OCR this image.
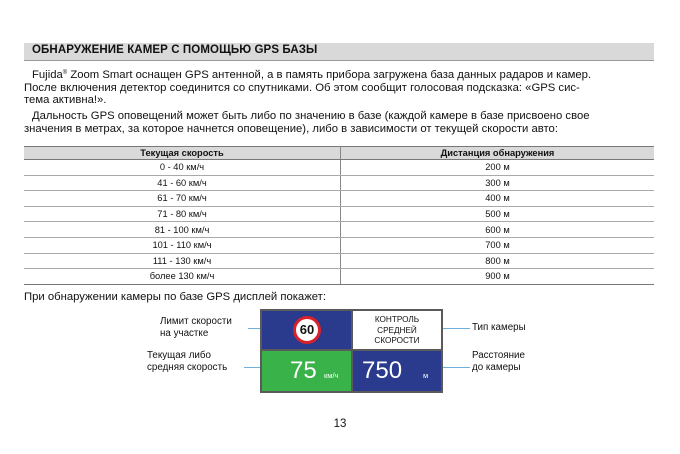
ОБНАРУЖЕНИЕ КАМЕР С ПОМОЩЬЮ GPS БАЗЫ
Fujida® Zoom Smart оснащен GPS антенной, а в память прибора загружена база данных радаров и камер.
После включения детектор соединится со спутниками. Об этом сообщит голосовая подсказка: «GPS сис-
тема активна!».
Дальность GPS оповещений может быть либо по значению в базе (каждой камере в базе присвоено свое
значения в метрах, за которое начнется оповещение), либо в зависимости от текущей скорости авто:
Текущая скорость	Дистанция обнаружения
0 - 40 км/ч	200 м
41 - 60 км/ч	300 м
61 - 70 км/ч	400 м
71 - 80 км/ч	500 м
81 - 100 км/ч	600 м
101 - 110 км/ч	700 м
111 - 130 км/ч	800 м
более 130 км/ч	900 м
При обнаружении камеры по базе GPS дисплей покажет:
Лимит скорости
на участке
Текущая либо
средняя скорость
Тип камеры
Расстояние
до камеры
60
КОНТРОЛЬ
СРЕДНЕЙ
СКОРОСТИ
75 км/ч 750	м
13
